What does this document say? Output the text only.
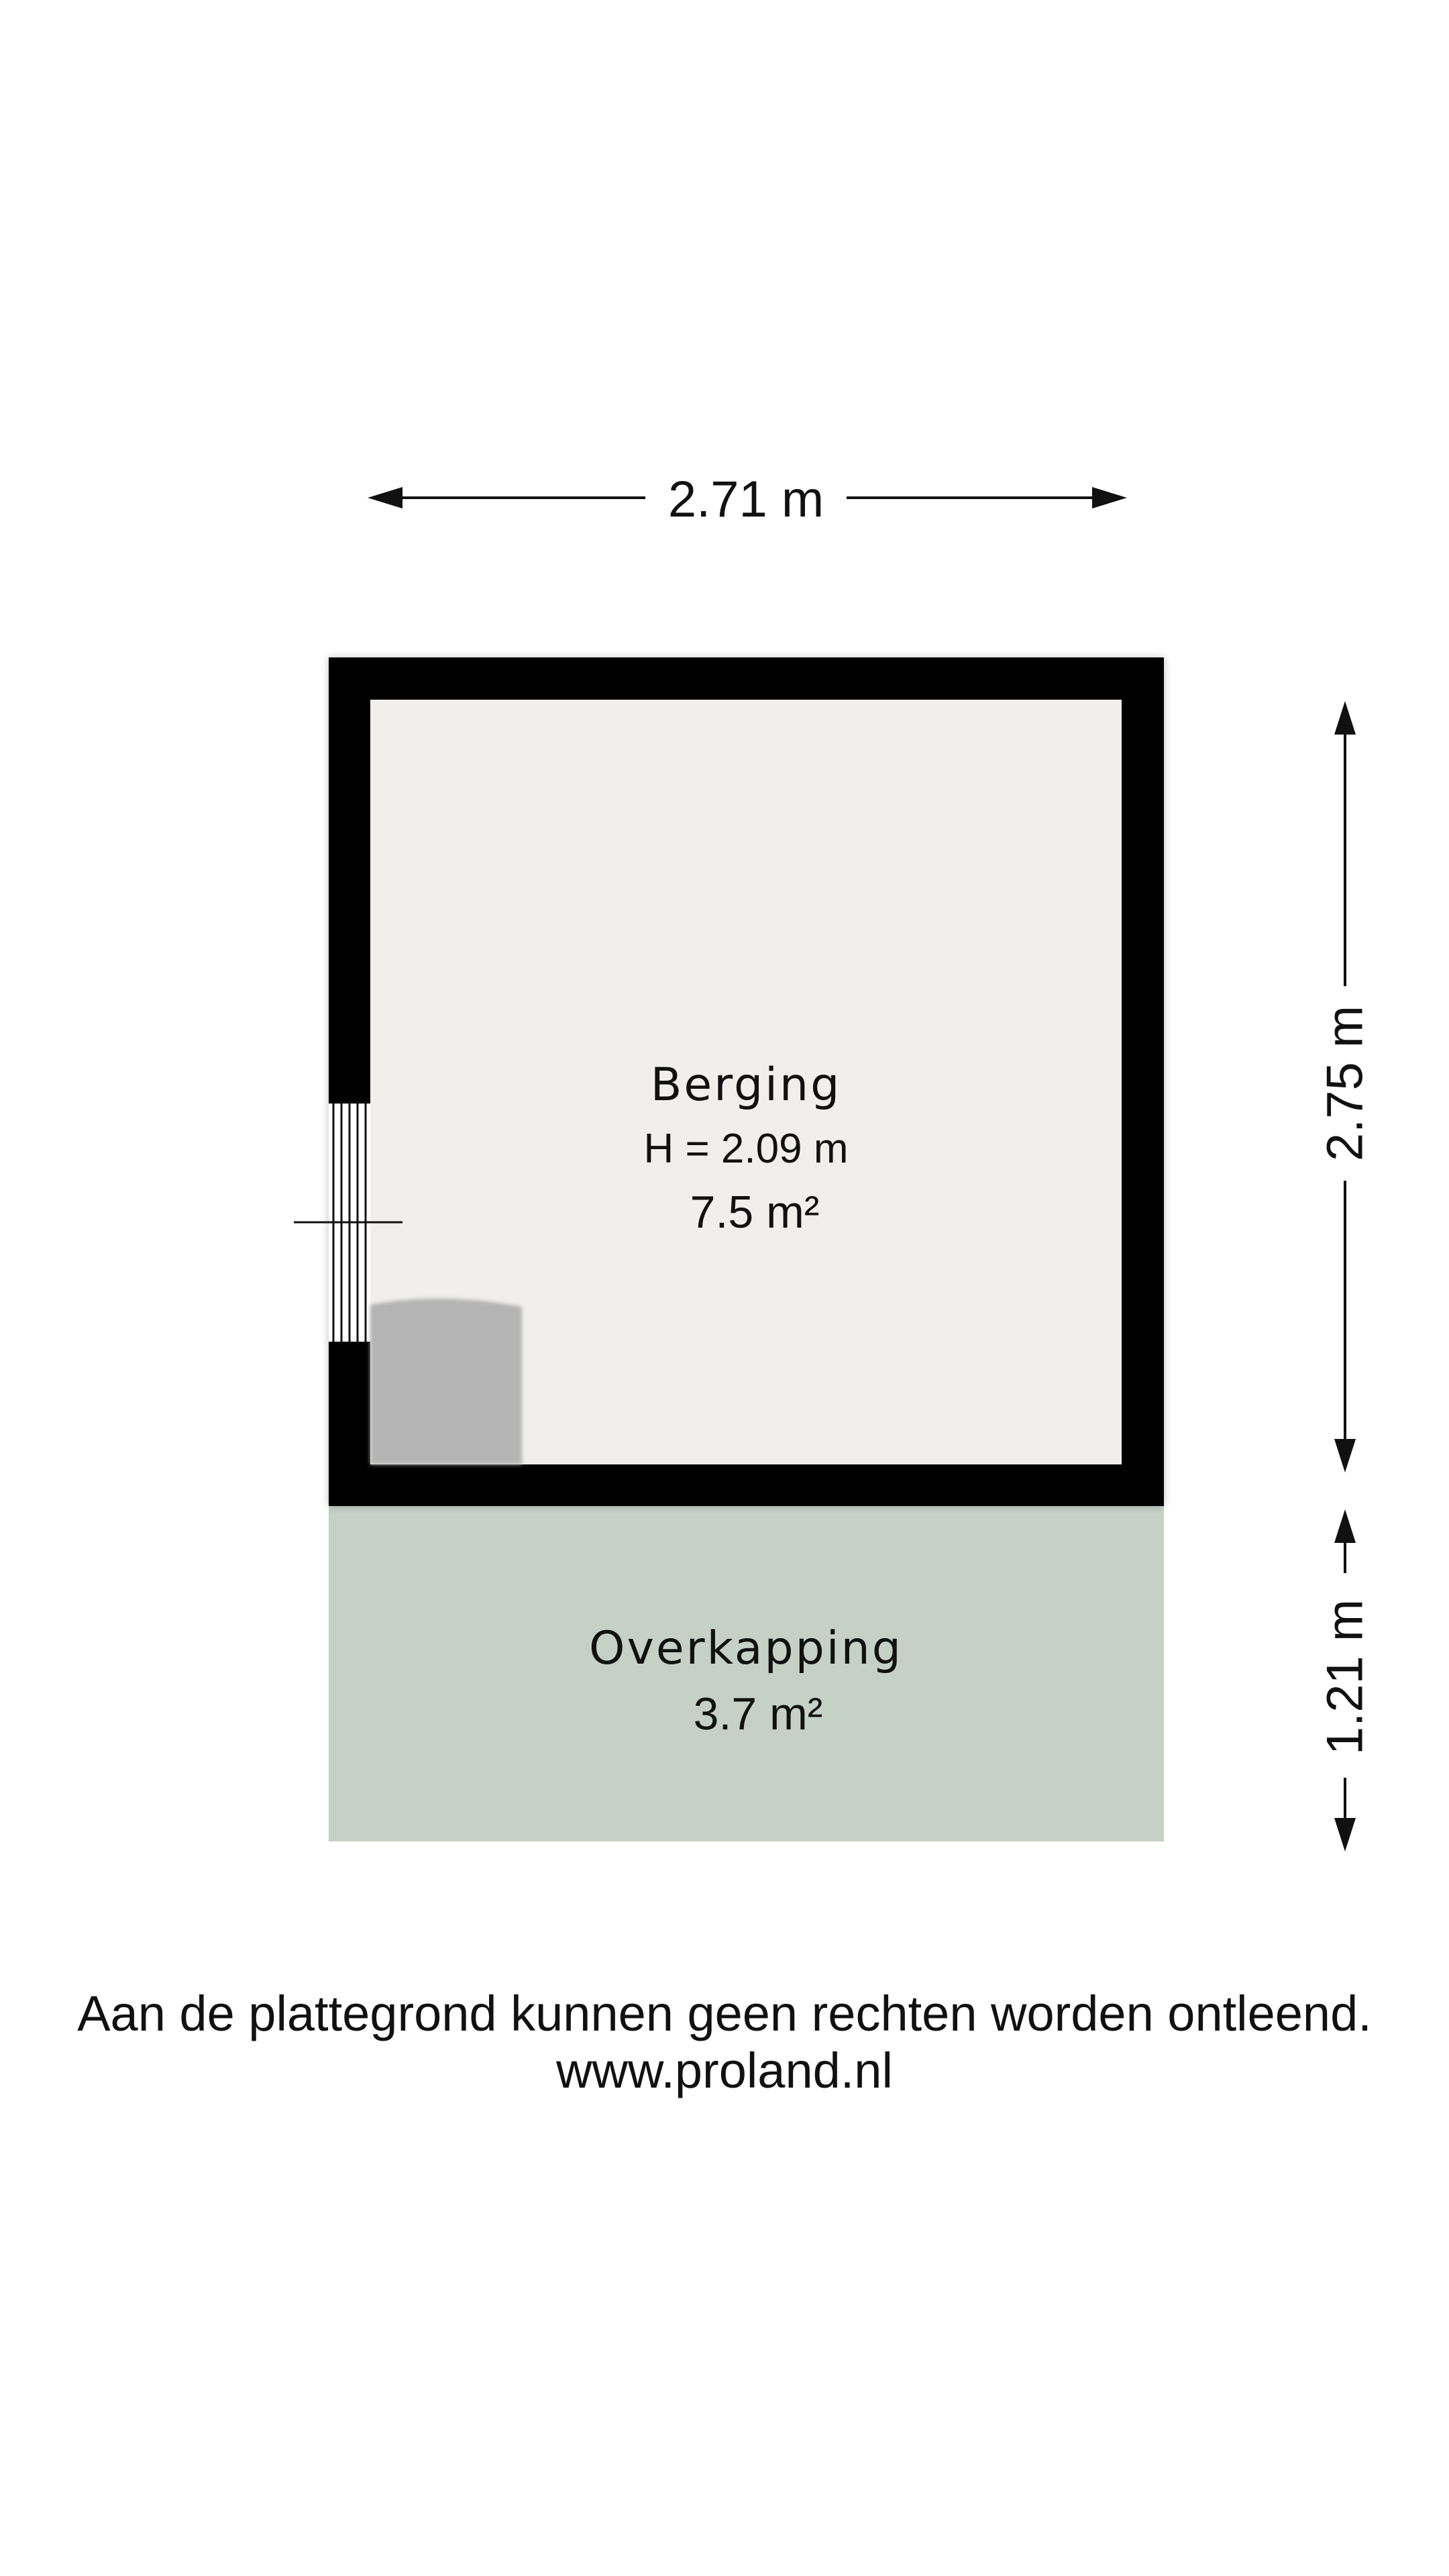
2.71 m
2.75 m
1.21 m
Berging
H = 2.09 m
7.5 m²
Overkapping
3.7 m²
Aan de plattegrond kunnen geen rechten worden ontleend.
www.proland.nl
